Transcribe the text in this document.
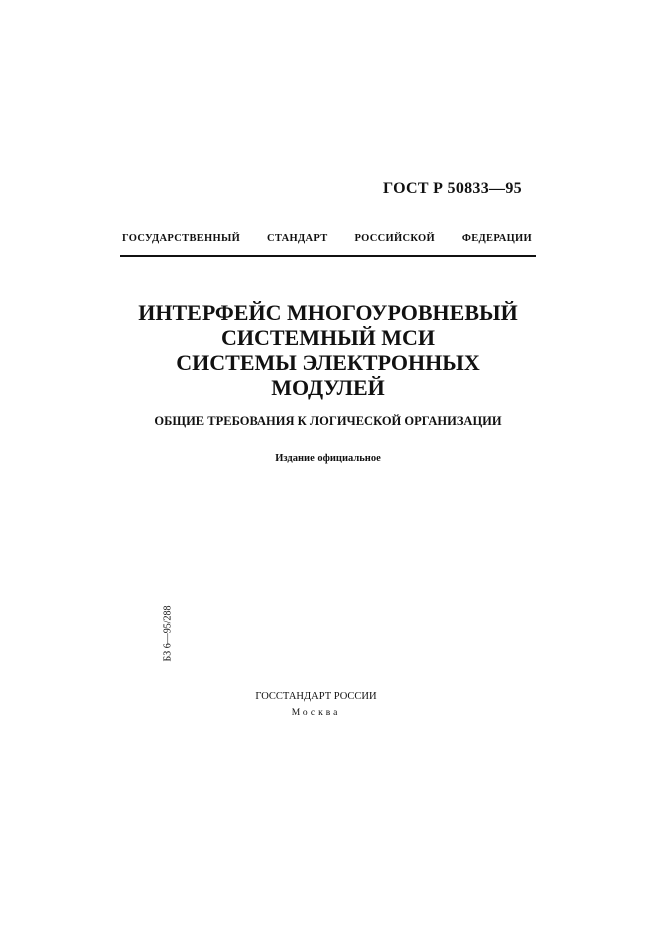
ГОСТ Р 50833—95
ГОСУДАРСТВЕННЫЙ	СТАНДАРТ	РОССИЙСКОЙ	ФЕДЕРАЦИИ
ИНТЕРФЕЙС МНОГОУРОВНЕВЫЙ
СИСТЕМНЫЙ МСИ
СИСТЕМЫ ЭЛЕКТРОННЫХ
МОДУЛЕЙ
ОБЩИЕ ТРЕБОВАНИЯ К ЛОГИЧЕСКОЙ ОРГАНИЗАЦИИ
Издание официальное
БЗ 6—95/288
ГОССТАНДАРТ РОССИИ
Москва
